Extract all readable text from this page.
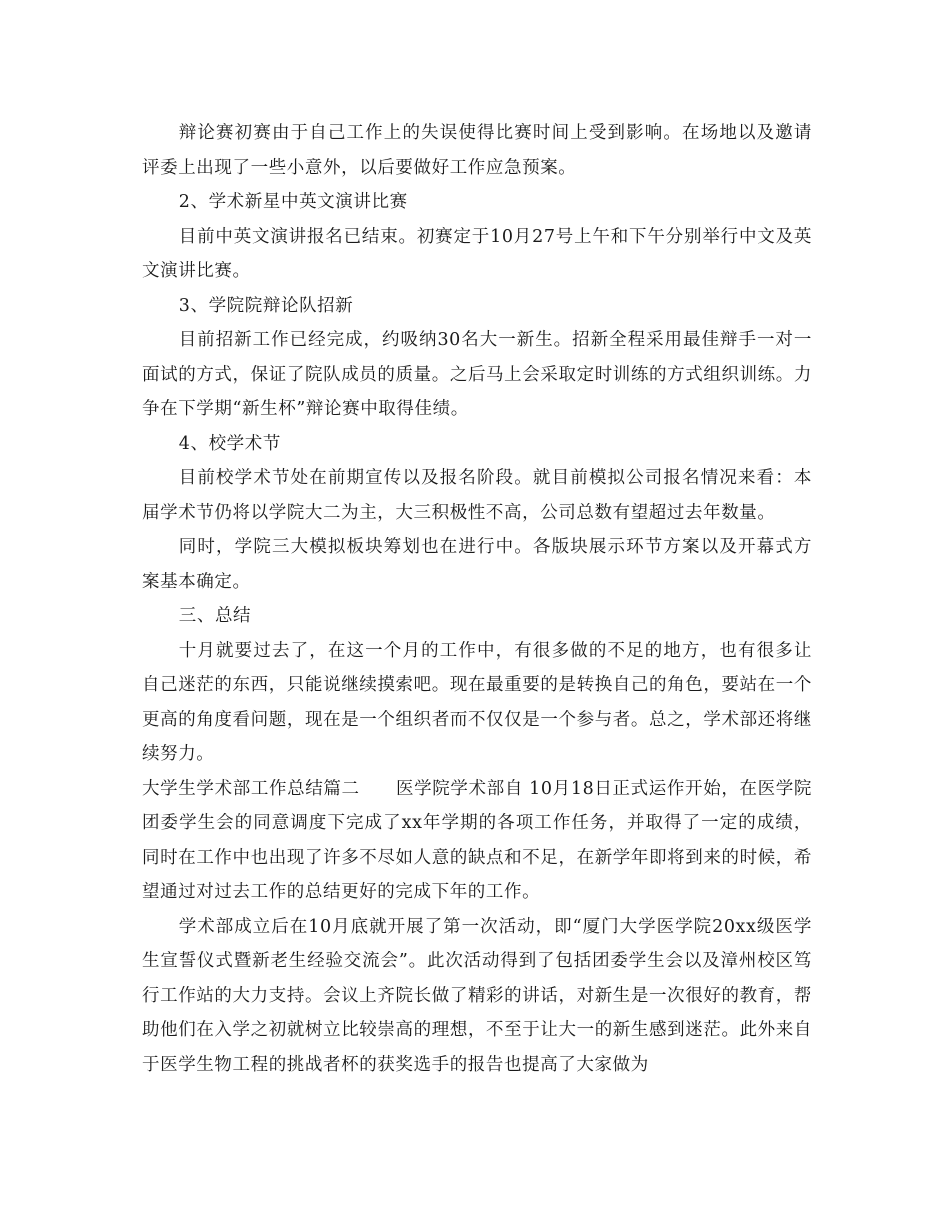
辩论赛初赛由于自己工作上的失误使得比赛时间上受到影响。在场地以及邀请评委上出现了一些小意外，以后要做好工作应急预案。

2、学术新星中英文演讲比赛

目前中英文演讲报名已结束。初赛定于10月27号上午和下午分别举行中文及英文演讲比赛。

3、学院院辩论队招新

目前招新工作已经完成，约吸纳30名大一新生。招新全程采用最佳辩手一对一面试的方式，保证了院队成员的质量。之后马上会采取定时训练的方式组织训练。力争在下学期“新生杯”辩论赛中取得佳绩。

4、校学术节

目前校学术节处在前期宣传以及报名阶段。就目前模拟公司报名情况来看：本届学术节仍将以学院大二为主，大三积极性不高，公司总数有望超过去年数量。

同时，学院三大模拟板块筹划也在进行中。各版块展示环节方案以及开幕式方案基本确定。

三、总结

十月就要过去了，在这一个月的工作中，有很多做的不足的地方，也有很多让自己迷茫的东西，只能说继续摸索吧。现在最重要的是转换自己的角色，要站在一个更高的角度看问题，现在是一个组织者而不仅仅是一个参与者。总之，学术部还将继续努力。

大学生学术部工作总结篇二　　医学院学术部自 10月18日正式运作开始，在医学院团委学生会的同意调度下完成了xx年学期的各项工作任务，并取得了一定的成绩，同时在工作中也出现了许多不尽如人意的缺点和不足，在新学年即将到来的时候，希望通过对过去工作的总结更好的完成下年的工作。

学术部成立后在10月底就开展了第一次活动，即“厦门大学医学院20xx级医学生宣誓仪式暨新老生经验交流会”。此次活动得到了包括团委学生会以及漳州校区笃行工作站的大力支持。会议上齐院长做了精彩的讲话，对新生是一次很好的教育，帮助他们在入学之初就树立比较崇高的理想，不至于让大一的新生感到迷茫。此外来自于医学生物工程的挑战者杯的获奖选手的报告也提高了大家做为
